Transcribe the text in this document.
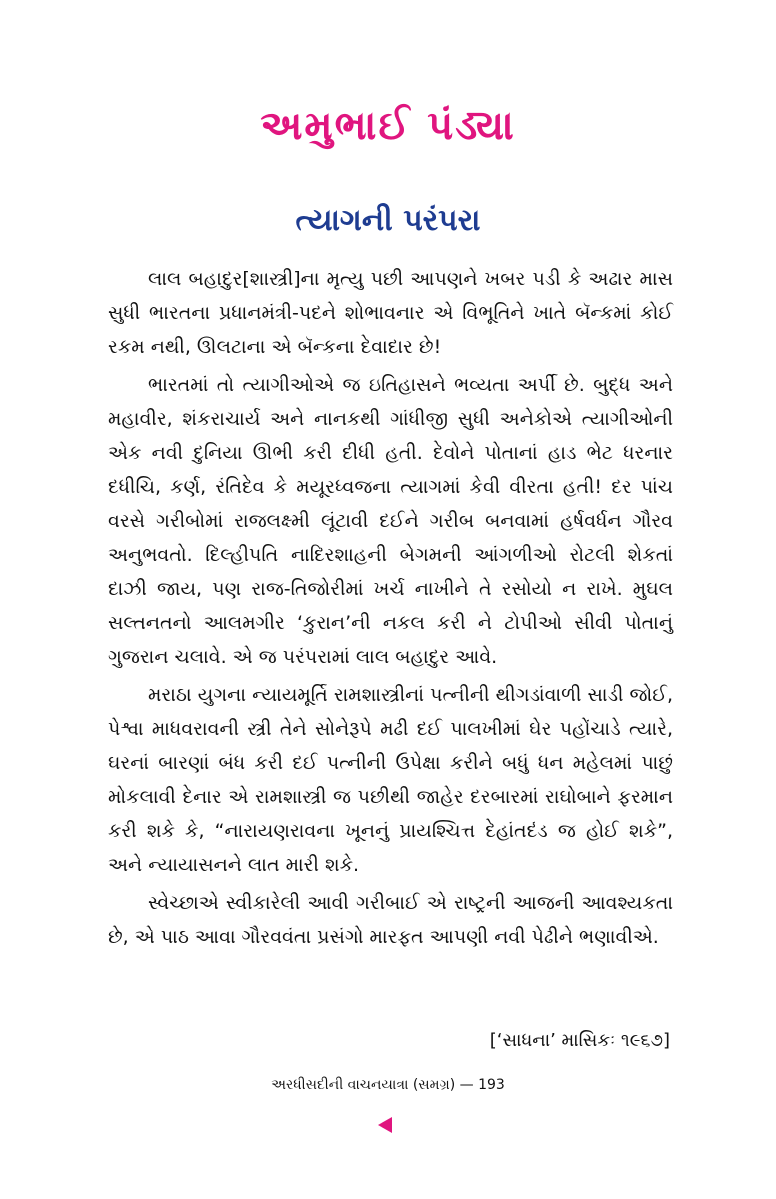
અમુભાઈ પંડ્યા
ત્યાગની પરંપરા

લાલ બહાદુર[શાસ્ત્રી]ના મૃત્યુ પછી આપણને ખબર પડી કે અઢાર માસ સુધી ભારતના પ્રધાનમંત્રી-પદને શોભાવનાર એ વિભૂતિને ખાતે બૅન્કમાં કોઈ રકમ નથી, ઊલટાના એ બૅન્કના દેવાદાર છે!

ભારતમાં તો ત્યાગીઓએ જ ઇતિહાસને ભવ્યતા અર્પી છે. બુદ્ધ અને મહાવીર, શંકરાચાર્ય અને નાનકથી ગાંધીજી સુધી અનેકોએ ત્યાગીઓની એક નવી દુનિયા ઊભી કરી દીધી હતી. દેવોને પોતાનાં હાડ ભેટ ધરનાર દધીચિ, કર્ણ, રંતિદેવ કે મયૂરધ્વજના ત્યાગમાં કેવી વીરતા હતી! દર પાંચ વરસે ગરીબોમાં રાજલક્ષ્મી લૂંટાવી દઈને ગરીબ બનવામાં હર્ષવર્ધન ગૌરવ અનુભવતો. દિલ્હીપતિ નાદિરશાહની બેગમની આંગળીઓ રોટલી શેકતાં દાઝી જાય, પણ રાજ-તિજોરીમાં ખર્ચ નાખીને તે રસોયો ન રાખે. મુઘલ સલ્તનતનો આલમગીર ‘કુરાન’ની નકલ કરી ને ટોપીઓ સીવી પોતાનું ગુજરાન ચલાવે. એ જ પરંપરામાં લાલ બહાદુર આવે.

મરાઠા યુગના ન્યાયમૂર્તિ રામશાસ્ત્રીનાં પત્નીની થીગડાંવાળી સાડી જોઈ, પેશ્વા માધવરાવની સ્ત્રી તેને સોનેરૂપે મઢી દઈ પાલખીમાં ઘેર પહોંચાડે ત્યારે, ઘરનાં બારણાં બંધ કરી દઈ પત્નીની ઉપેક્ષા કરીને બધું ધન મહેલમાં પાછું મોકલાવી દેનાર એ રામશાસ્ત્રી જ પછીથી જાહેર દરબારમાં રાઘોબાને ફરમાન કરી શકે કે, “નારાયણરાવના ખૂનનું પ્રાયશ્ચિત્ત દેહાંતદંડ જ હોઈ શકે”, અને ન્યાયાસનને લાત મારી શકે.

સ્વેચ્છાએ સ્વીકારેલી આવી ગરીબાઈ એ રાષ્ટ્રની આજની આવશ્યકતા છે, એ પાઠ આવા ગૌરવવંતા પ્રસંગો મારફત આપણી નવી પેઢીને ભણાવીએ.

[‘સાધના’ માસિકઃ ૧૯૬૭]
અરધીસદીની વાચનયાત્રા (સમગ્ર) — 193
